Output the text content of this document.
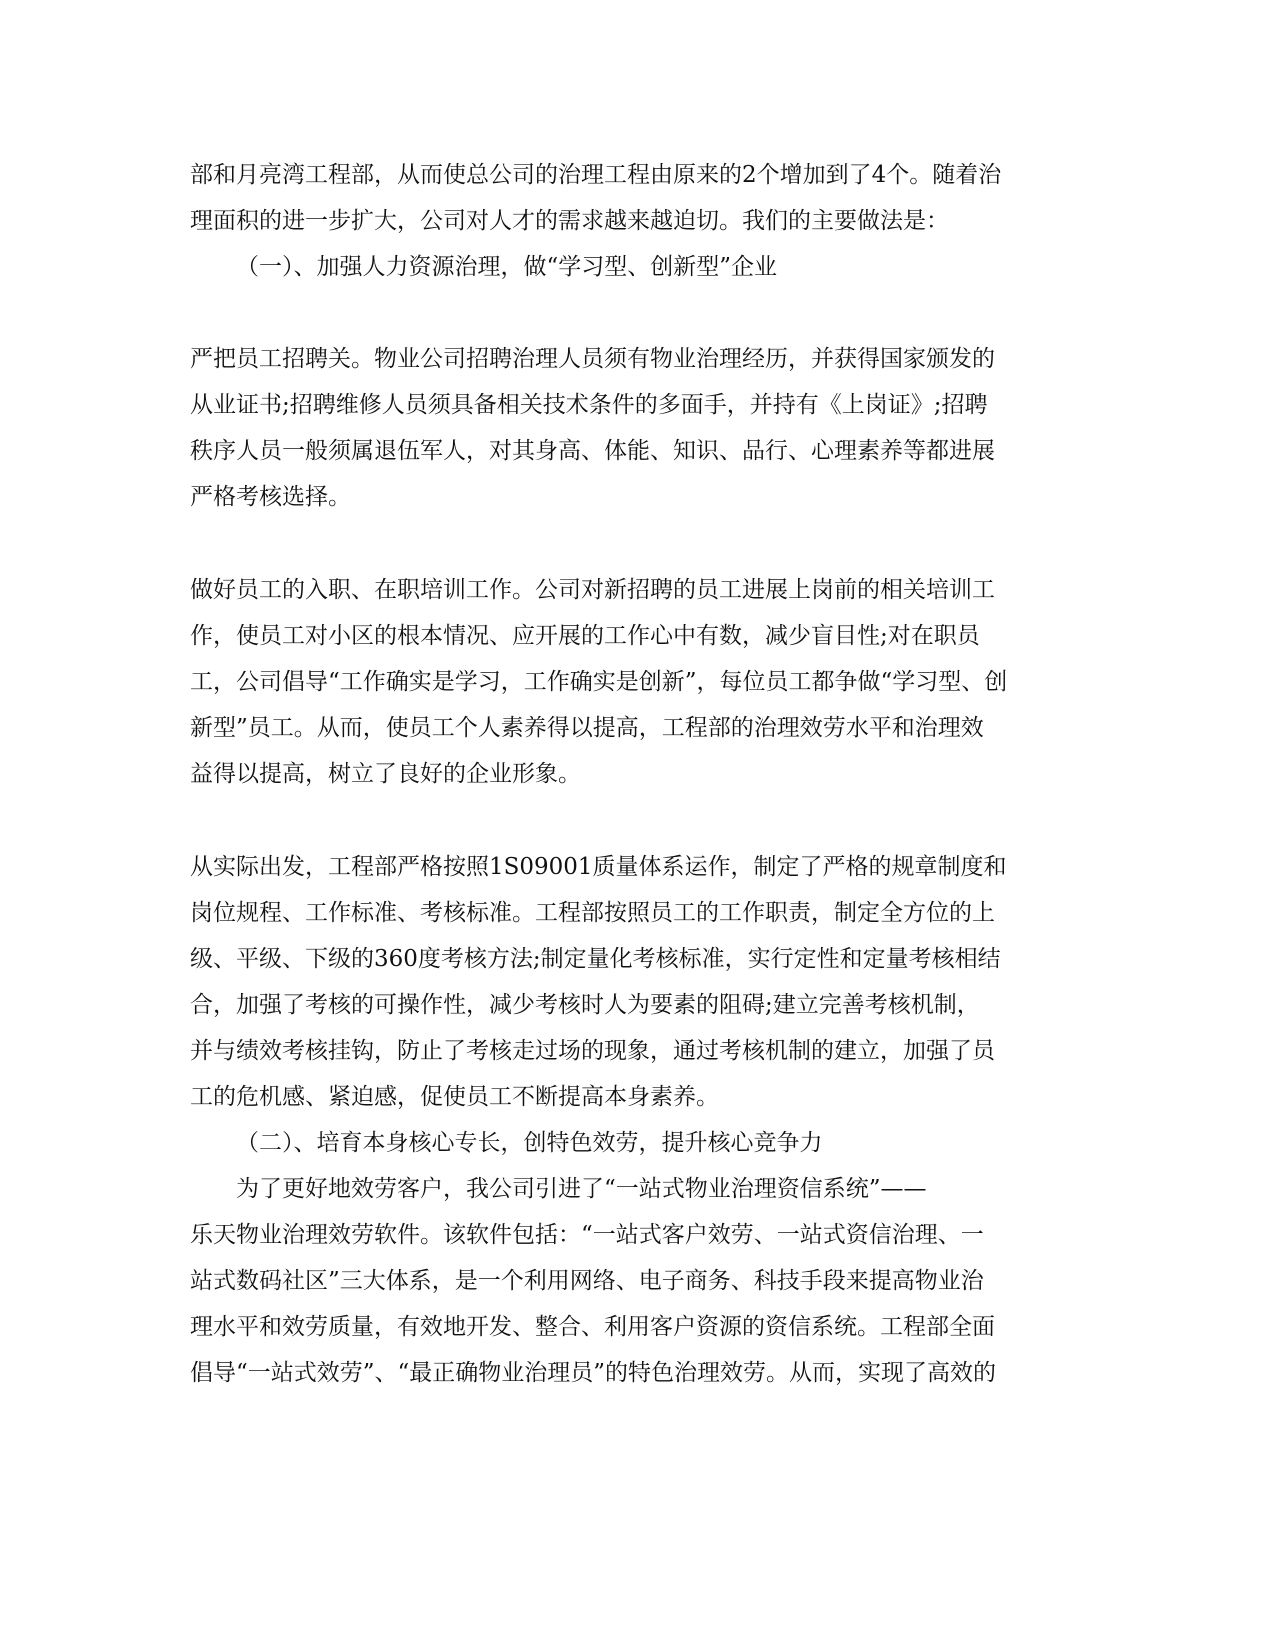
部和月亮湾工程部，从而使总公司的治理工程由原来的2个增加到了4个。随着治
理面积的进一步扩大，公司对人才的需求越来越迫切。我们的主要做法是：
（一）、加强人力资源治理，做“学习型、创新型”企业
严把员工招聘关。物业公司招聘治理人员须有物业治理经历，并获得国家颁发的
从业证书;招聘维修人员须具备相关技术条件的多面手，并持有《上岗证》;招聘
秩序人员一般须属退伍军人，对其身高、体能、知识、品行、心理素养等都进展
严格考核选择。
做好员工的入职、在职培训工作。公司对新招聘的员工进展上岗前的相关培训工
作，使员工对小区的根本情况、应开展的工作心中有数，减少盲目性;对在职员
工，公司倡导“工作确实是学习，工作确实是创新”，每位员工都争做“学习型、创
新型”员工。从而，使员工个人素养得以提高，工程部的治理效劳水平和治理效
益得以提高，树立了良好的企业形象。
从实际出发，工程部严格按照1S09001质量体系运作，制定了严格的规章制度和
岗位规程、工作标准、考核标准。工程部按照员工的工作职责，制定全方位的上
级、平级、下级的360度考核方法;制定量化考核标准，实行定性和定量考核相结
合，加强了考核的可操作性，减少考核时人为要素的阻碍;建立完善考核机制，
并与绩效考核挂钩，防止了考核走过场的现象，通过考核机制的建立，加强了员
工的危机感、紧迫感，促使员工不断提高本身素养。
（二）、培育本身核心专长，创特色效劳，提升核心竞争力
为了更好地效劳客户，我公司引进了“一站式物业治理资信系统”——
乐天物业治理效劳软件。该软件包括：“一站式客户效劳、一站式资信治理、一
站式数码社区”三大体系，是一个利用网络、电子商务、科技手段来提高物业治
理水平和效劳质量，有效地开发、整合、利用客户资源的资信系统。工程部全面
倡导“一站式效劳”、“最正确物业治理员”的特色治理效劳。从而，实现了高效的
